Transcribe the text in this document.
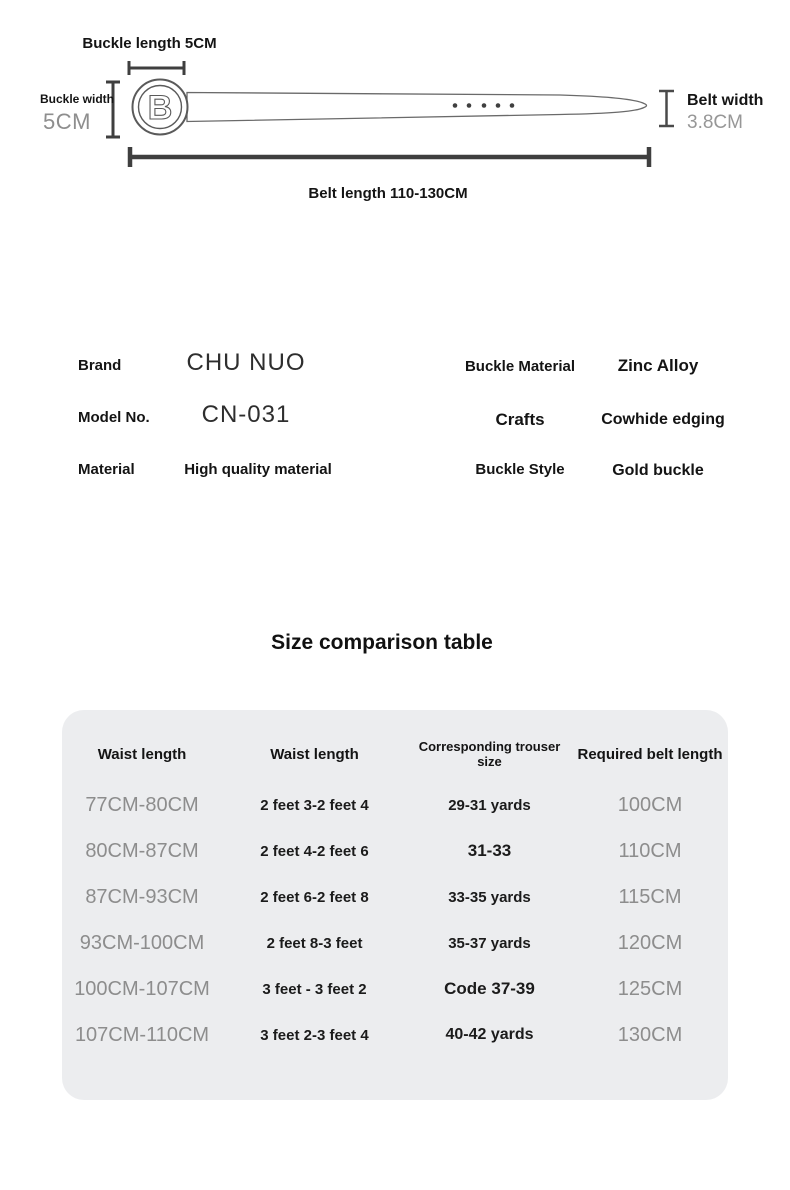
B
Buckle length 5CM
Buckle width
5CM
Belt width
3.8CM
Belt length 110-130CM
Brand	CHU NUO
Model No.	CN-031
Material	High quality material
Buckle Material	Zinc Alloy
Crafts	Cowhide edging
Buckle Style	Gold buckle
Size comparison table
Waist length	Waist length	Corresponding trouser size	Required belt length
77CM-80CM	2 feet 3-2 feet 4	29-31 yards	100CM
80CM-87CM	2 feet 4-2 feet 6	31-33	110CM
87CM-93CM	2 feet 6-2 feet 8	33-35 yards	115CM
93CM-100CM	2 feet 8-3 feet	35-37 yards	120CM
100CM-107CM	3 feet - 3 feet 2	Code 37-39	125CM
107CM-110CM	3 feet 2-3 feet 4	40-42 yards	130CM
